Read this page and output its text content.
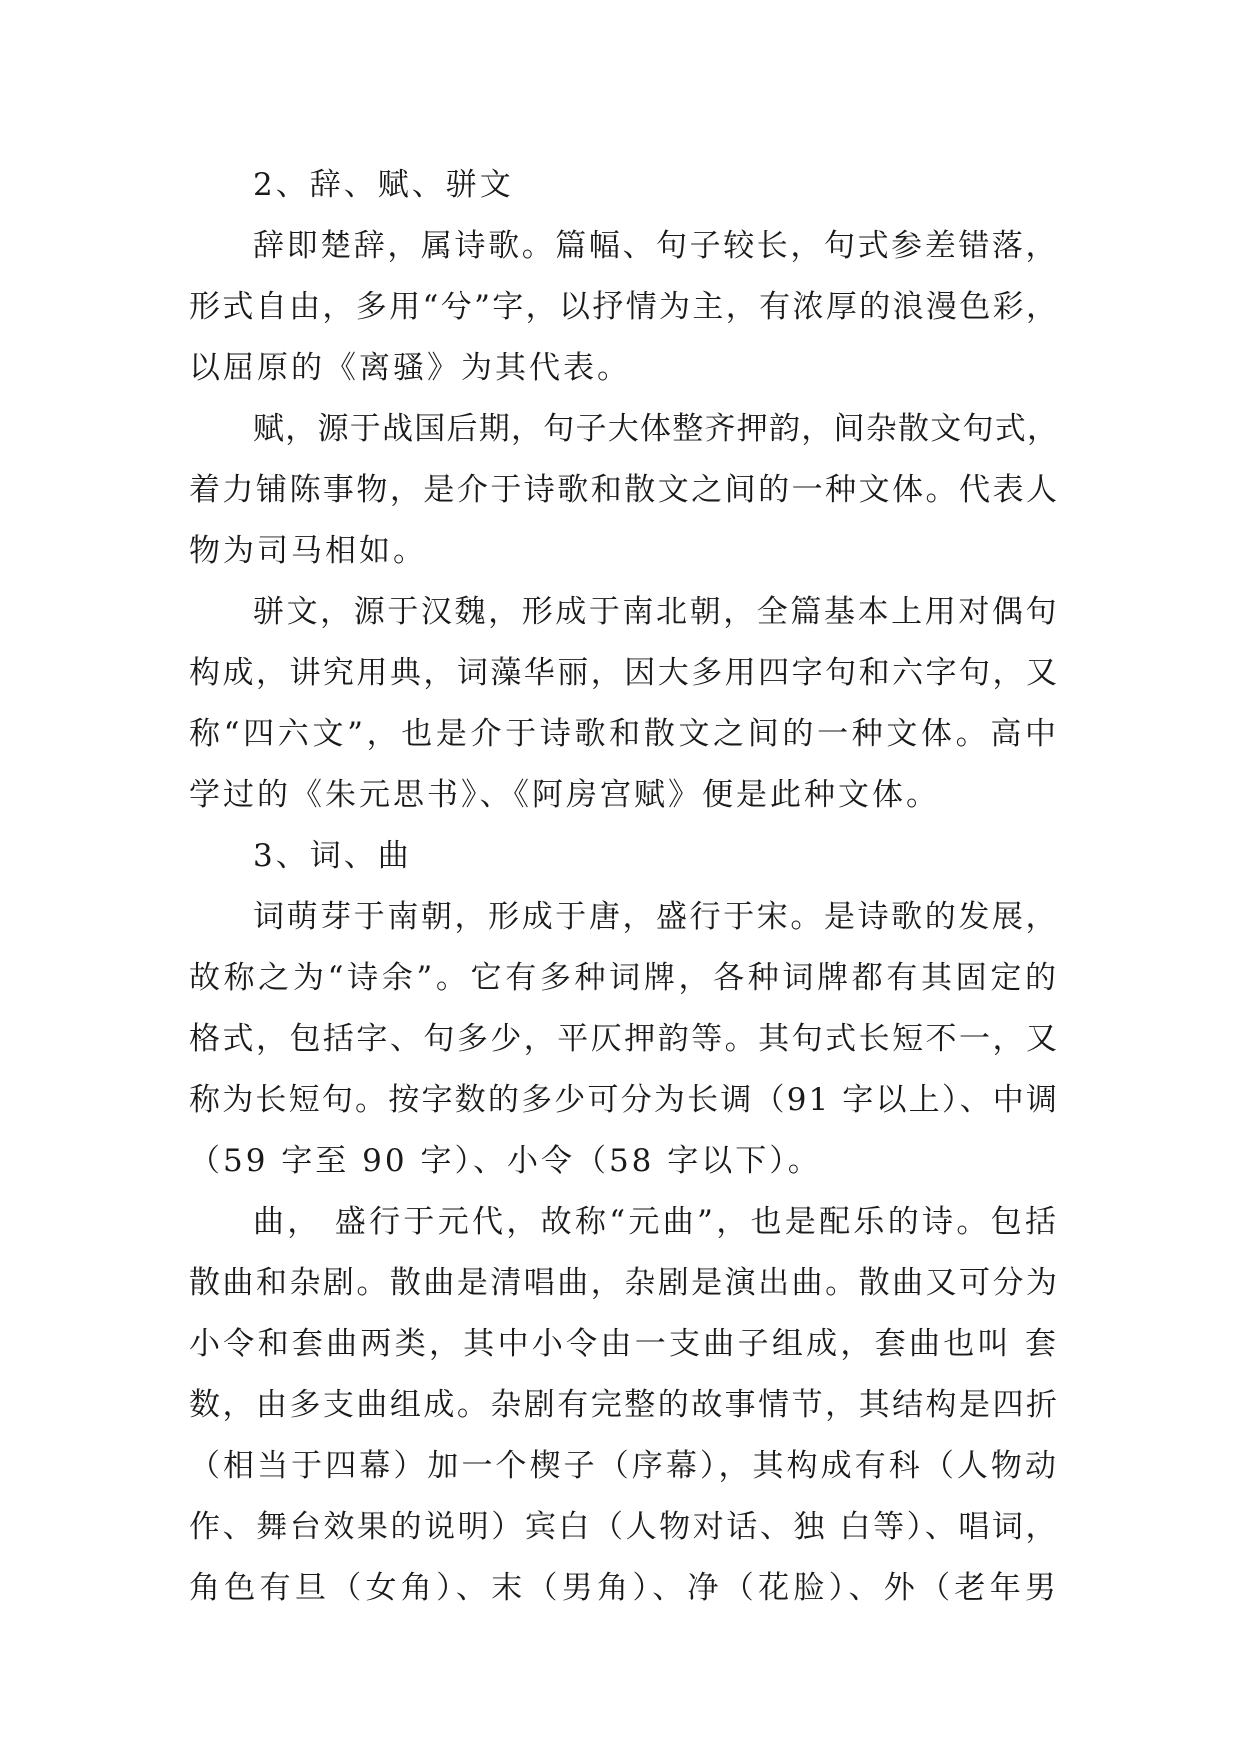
2、辞、赋、骈文
辞即楚辞，属诗歌。篇幅、句子较长，句式参差错落，
形式自由，多用“兮”字，以抒情为主，有浓厚的浪漫色彩，
以屈原的《离骚》为其代表。
赋，源于战国后期，句子大体整齐押韵，间杂散文句式，
着力铺陈事物，是介于诗歌和散文之间的一种文体。代表人
物为司马相如。
骈文，源于汉魏，形成于南北朝，全篇基本上用对偶句
构成，讲究用典，词藻华丽，因大多用四字句和六字句，又
称“四六文”，也是介于诗歌和散文之间的一种文体。高中
学过的《朱元思书》、《阿房宫赋》便是此种文体。
3、词、曲
词萌芽于南朝，形成于唐，盛行于宋。是诗歌的发展，
故称之为“诗余”。它有多种词牌，各种词牌都有其固定的
格式，包括字、句多少，平仄押韵等。其句式长短不一，又
称为长短句。按字数的多少可分为长调（91 字以上）、中调
（59 字至 90 字）、小令（58 字以下）。
曲， 盛行于元代，故称“元曲”，也是配乐的诗。包括
散曲和杂剧。散曲是清唱曲，杂剧是演出曲。散曲又可分为
小令和套曲两类，其中小令由一支曲子组成，套曲也叫 套
数，由多支曲组成。杂剧有完整的故事情节，其结构是四折
（相当于四幕）加一个楔子（序幕），其构成有科（人物动
作、舞台效果的说明）宾白（人物对话、独 白等）、唱词，
角色有旦（女角）、末（男角）、净（花脸）、外（老年男
